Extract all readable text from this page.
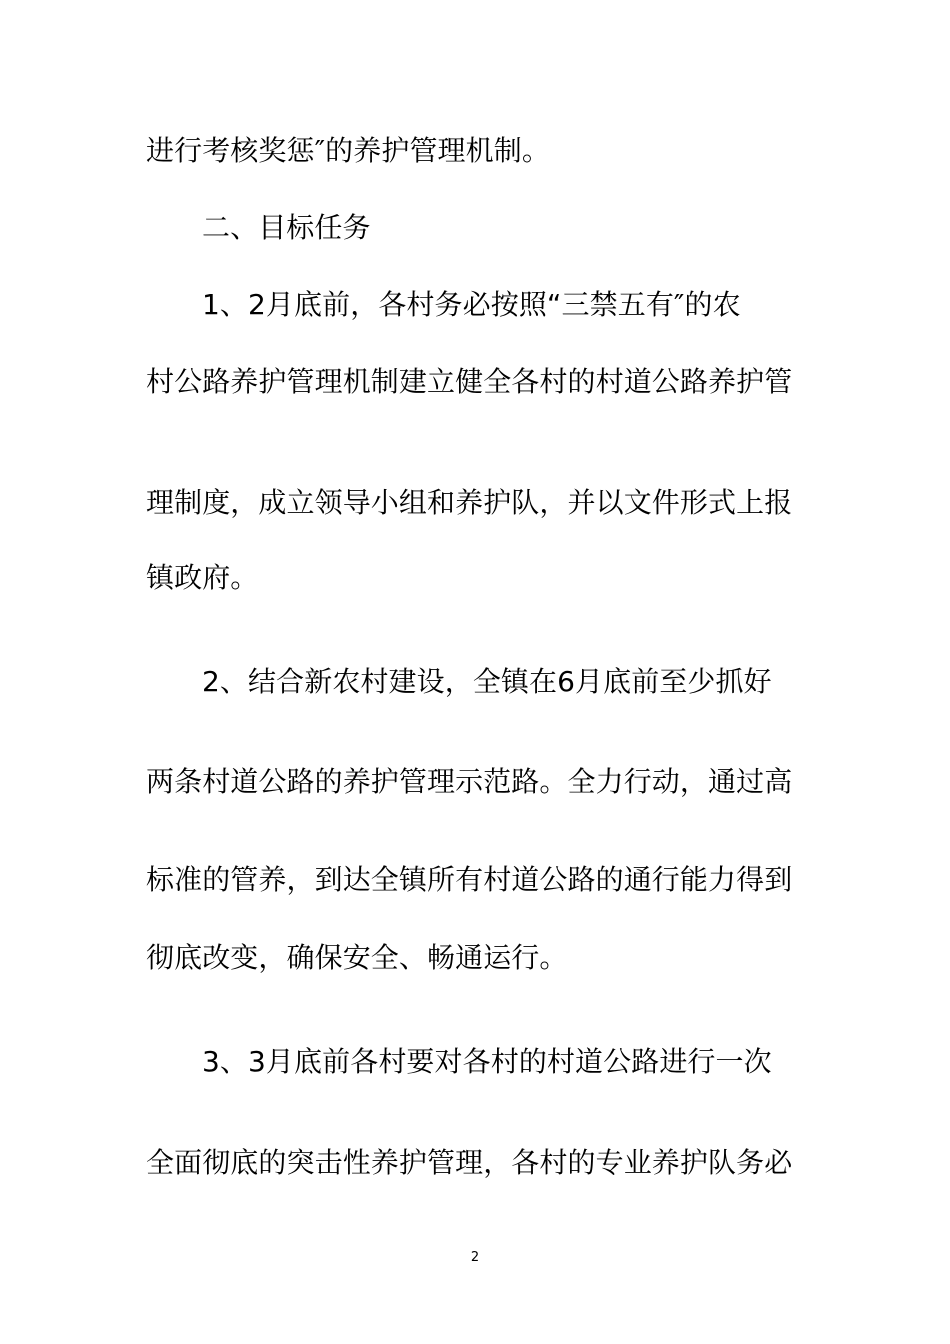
进行考核奖惩″的养护管理机制。
二、目标任务
1、2月底前，各村务必按照“三禁五有″的农
村公路养护管理机制建立健全各村的村道公路养护管
理制度，成立领导小组和养护队，并以文件形式上报
镇政府。
2、结合新农村建设，全镇在6月底前至少抓好
两条村道公路的养护管理示范路。全力行动，通过高
标准的管养，到达全镇所有村道公路的通行能力得到
彻底改变，确保安全、畅通运行。
3、3月底前各村要对各村的村道公路进行一次
全面彻底的突击性养护管理，各村的专业养护队务必
2
